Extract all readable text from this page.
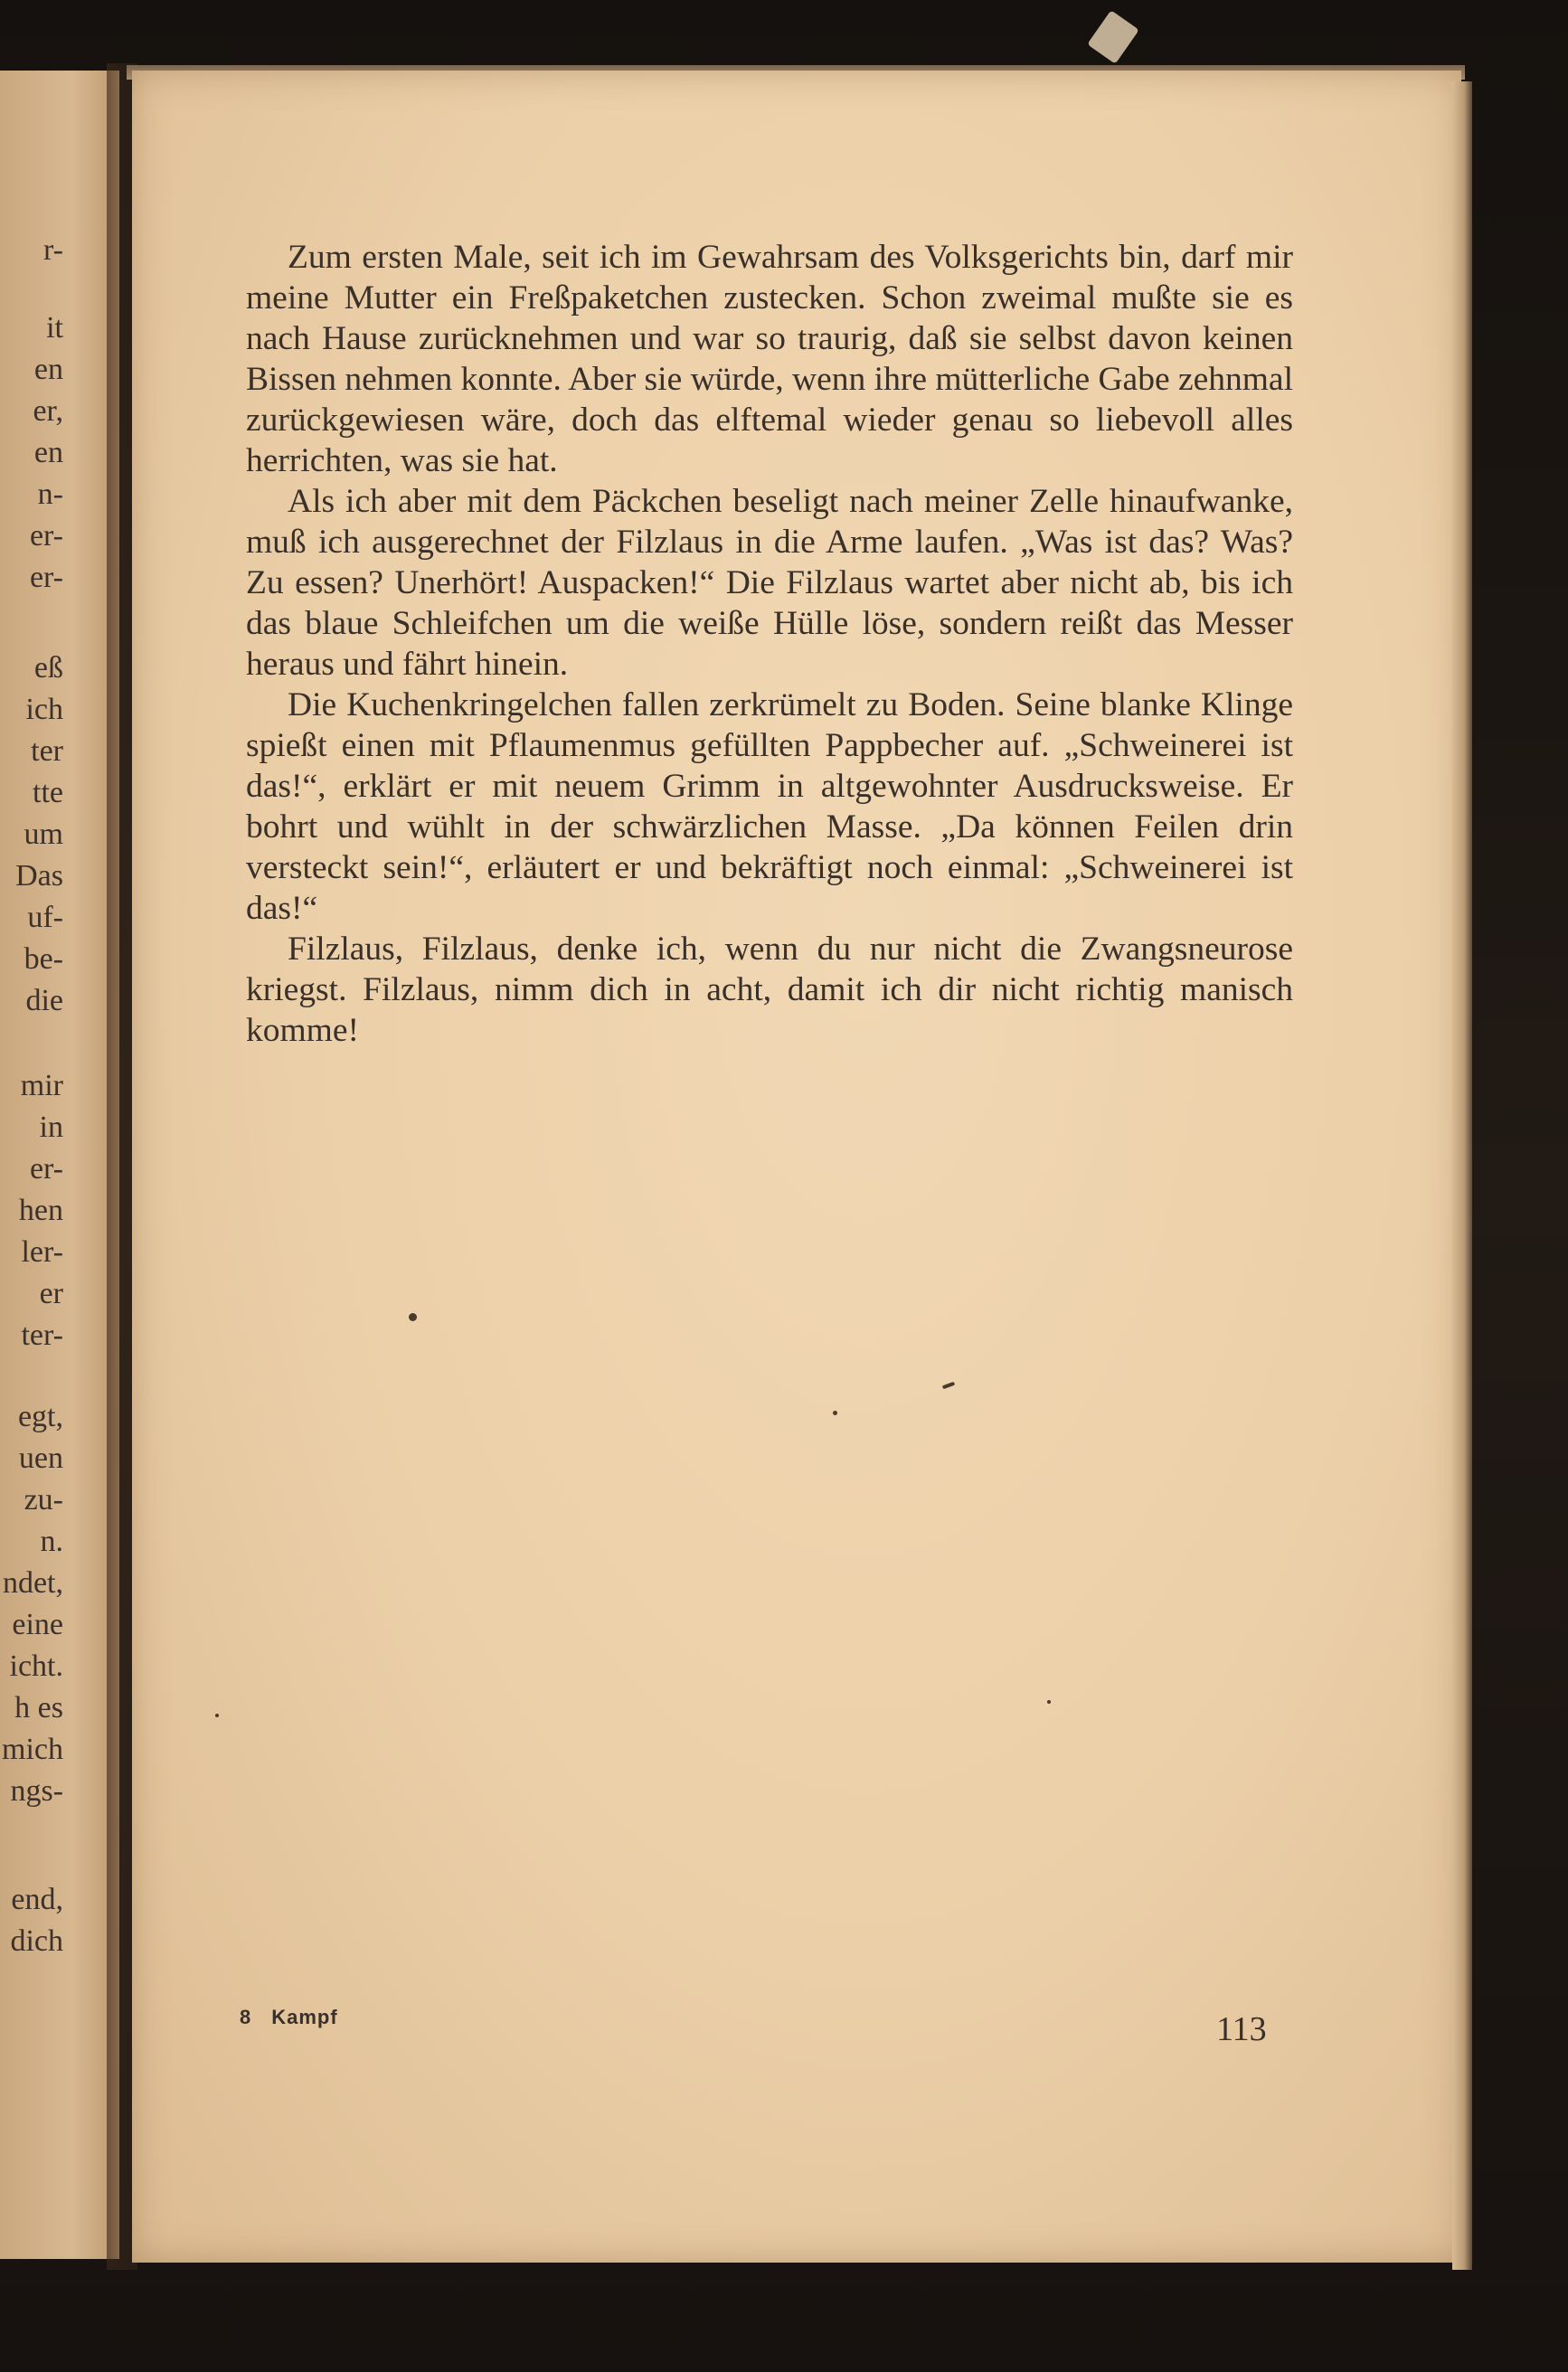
r-
it
en
er,
en
n-
er-
er-
eß
ich
ter
tte
um
Das
uf-
be-
die
mir
in
er-
hen
ler-
er
ter-
egt,
uen
zu-
n.
ndet,
eine
icht.
h es
mich
ngs-
end,
dich

Zum ersten Male, seit ich im Gewahrsam des Volksgerichts bin, darf mir meine Mutter ein Freßpaketchen zustecken. Schon zweimal mußte sie es nach Hause zurücknehmen und war so traurig, daß sie selbst davon keinen Bissen nehmen konnte. Aber sie würde, wenn ihre mütterliche Gabe zehnmal zurückgewiesen wäre, doch das elftemal wieder genau so liebevoll alles herrichten, was sie hat.

Als ich aber mit dem Päckchen beseligt nach meiner Zelle hinaufwanke, muß ich ausgerechnet der Filzlaus in die Arme laufen. „Was ist das? Was? Zu essen? Unerhört! Auspacken!“ Die Filzlaus wartet aber nicht ab, bis ich das blaue Schleifchen um die weiße Hülle löse, sondern reißt das Messer heraus und fährt hinein.

Die Kuchenkringelchen fallen zerkrümelt zu Boden. Seine blanke Klinge spießt einen mit Pflaumenmus gefüllten Pappbecher auf. „Schweinerei ist das!“, erklärt er mit neuem Grimm in altgewohnter Ausdrucksweise. Er bohrt und wühlt in der schwärzlichen Masse. „Da können Feilen drin versteckt sein!“, erläutert er und bekräftigt noch einmal: „Schweinerei ist das!“

Filzlaus, Filzlaus, denke ich, wenn du nur nicht die Zwangsneurose kriegst. Filzlaus, nimm dich in acht, damit ich dir nicht richtig manisch komme!

8 Kampf	113
